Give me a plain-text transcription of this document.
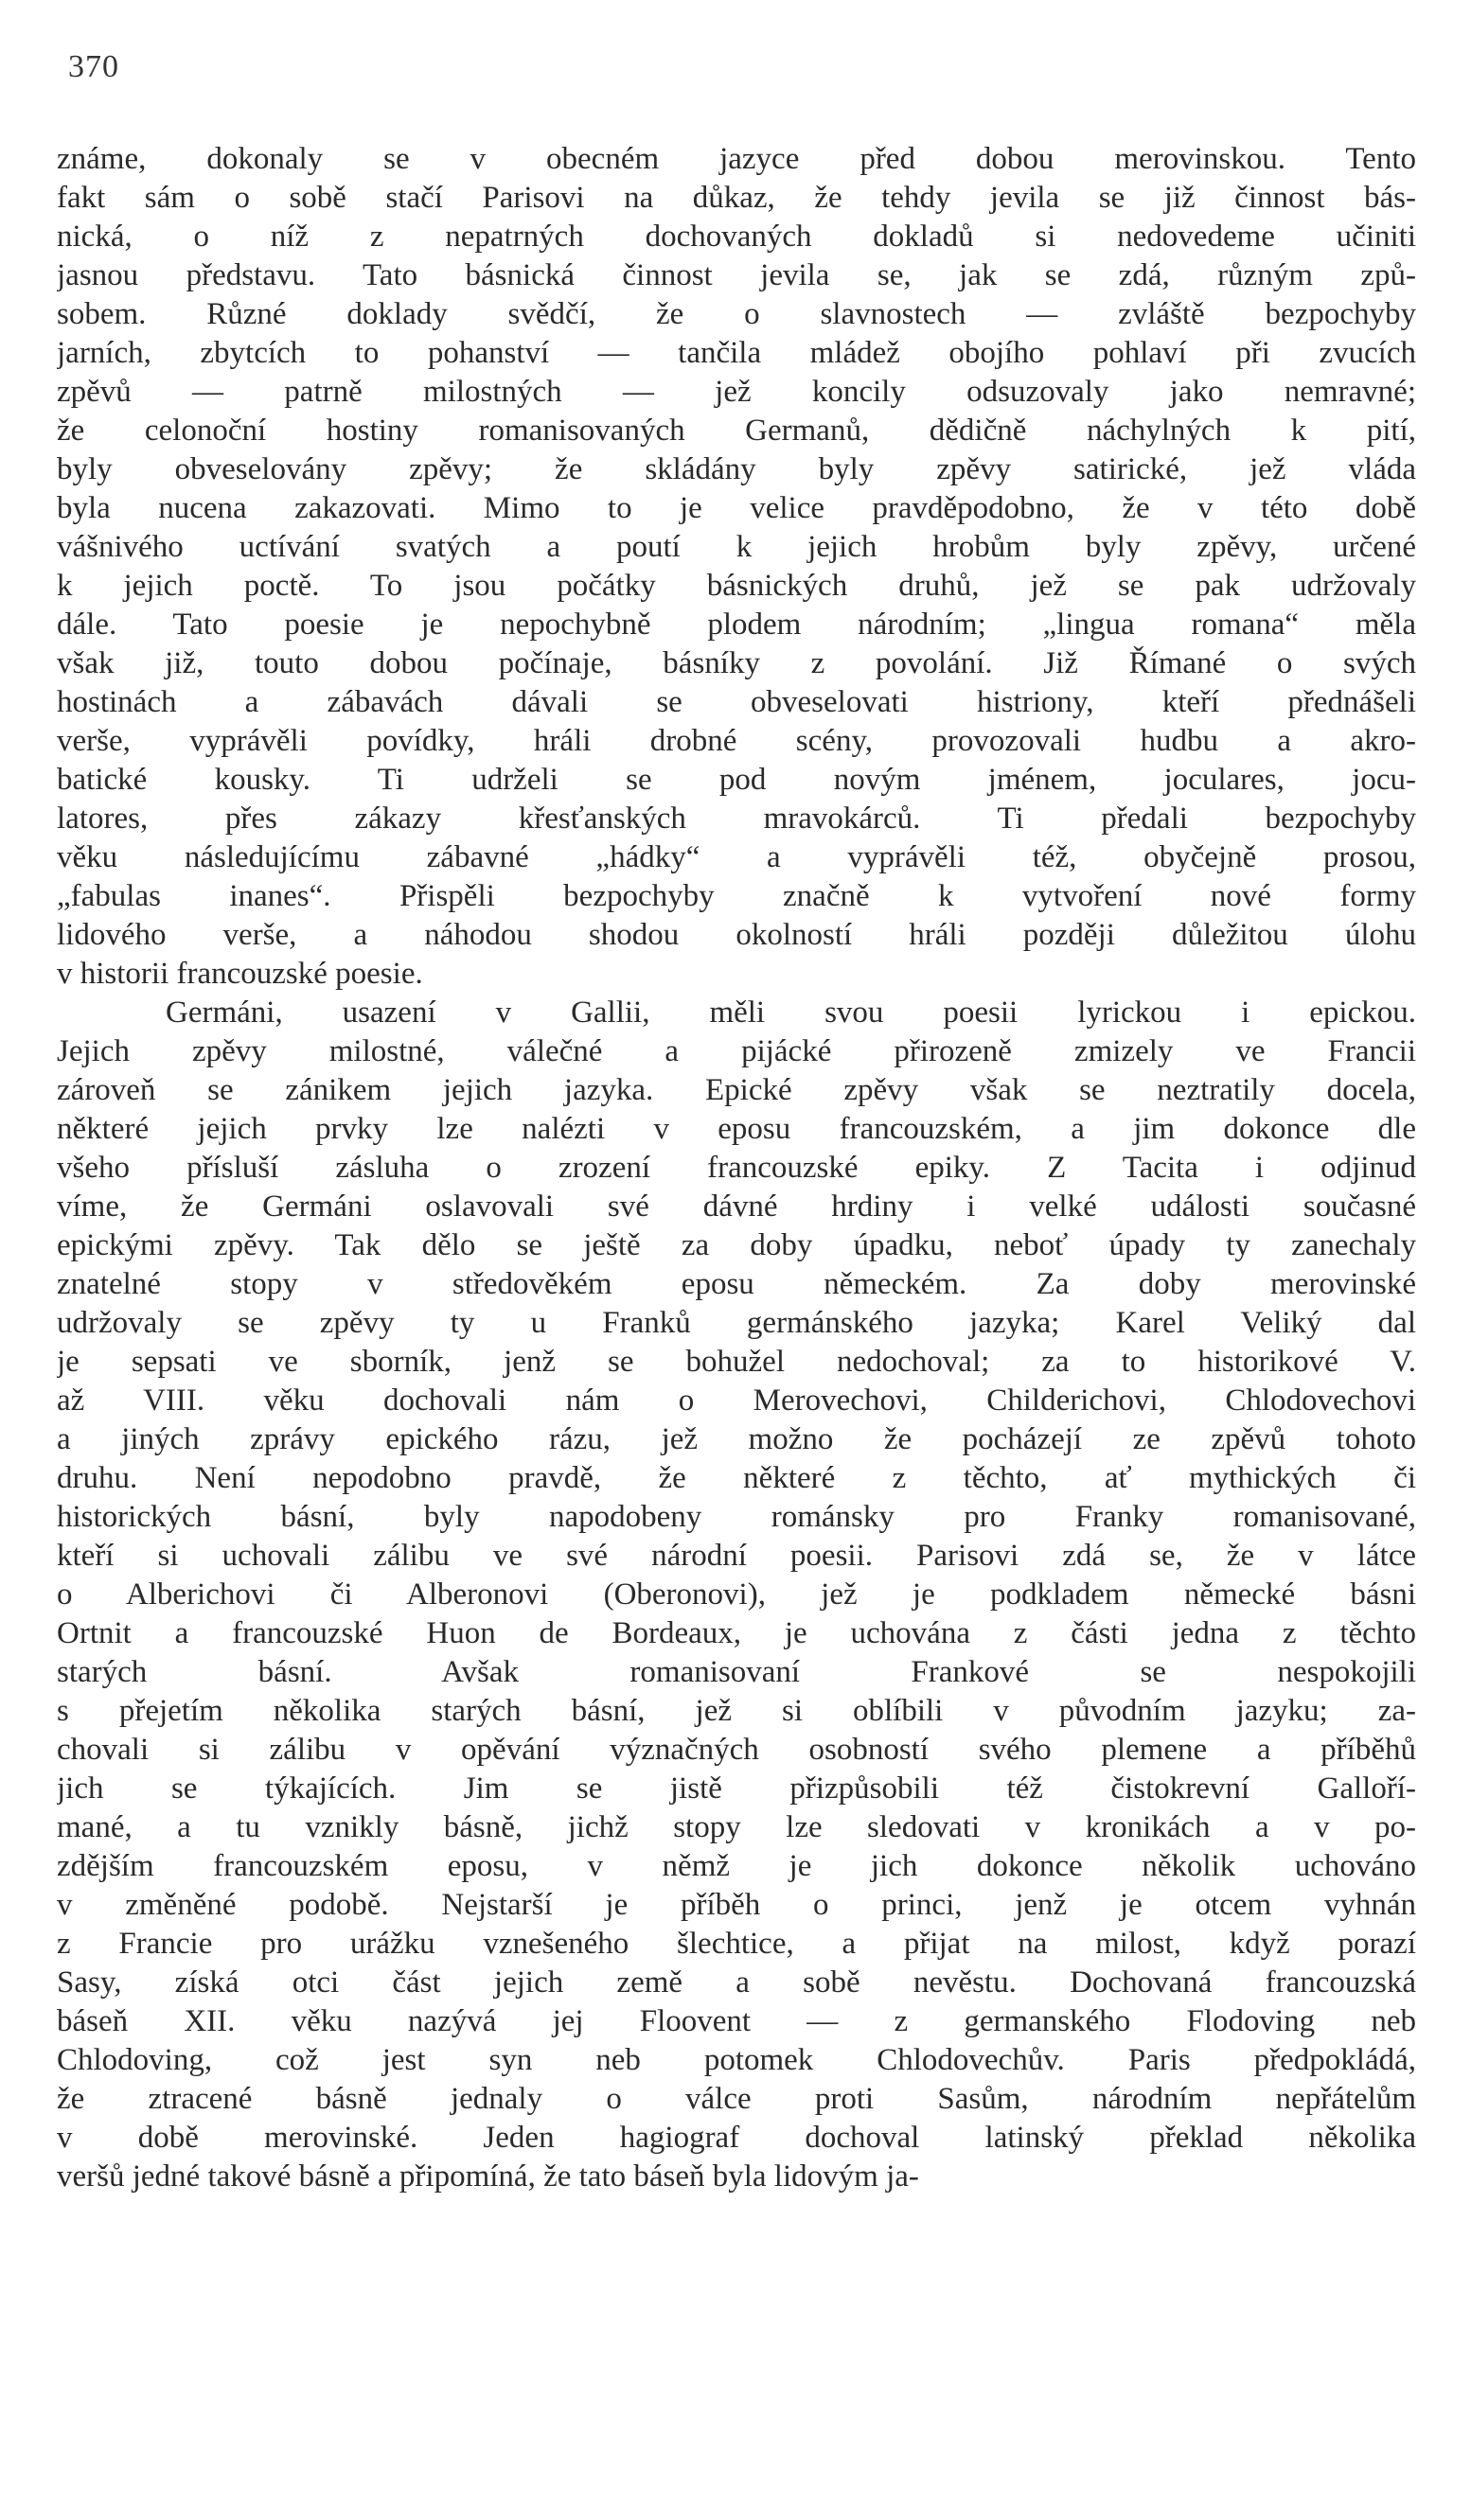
370
známe, dokonaly se v obecném jazyce před dobou merovinskou. Tento
fakt sám o sobě stačí Parisovi na důkaz, že tehdy jevila se již činnost bás-
nická, o níž z nepatrných dochovaných dokladů si nedovedeme učiniti
jasnou představu. Tato básnická činnost jevila se, jak se zdá, různým způ-
sobem. Různé doklady svědčí, že o slavnostech — zvláště bezpochyby
jarních, zbytcích to pohanství — tančila mládež obojího pohlaví při zvucích
zpěvů — patrně milostných — jež koncily odsuzovaly jako nemravné;
že celonoční hostiny romanisovaných Germanů, dědičně náchylných k pití,
byly obveselovány zpěvy; že skládány byly zpěvy satirické, jež vláda
byla nucena zakazovati. Mimo to je velice pravděpodobno, že v této době
vášnivého uctívání svatých a poutí k jejich hrobům byly zpěvy, určené
k jejich poctě. To jsou počátky básnických druhů, jež se pak udržovaly
dále. Tato poesie je nepochybně plodem národním; „lingua romana“ měla
však již, touto dobou počínaje, básníky z povolání. Již Římané o svých
hostinách a zábavách dávali se obveselovati histriony, kteří přednášeli
verše, vyprávěli povídky, hráli drobné scény, provozovali hudbu a akro-
batické kousky. Ti udrželi se pod novým jménem, joculares, jocu-
latores, přes zákazy křesťanských mravokárců. Ti předali bezpochyby
věku následujícímu zábavné „hádky“ a vyprávěli též, obyčejně prosou,
„fabulas inanes“. Přispěli bezpochyby značně k vytvoření nové formy
lidového verše, a náhodou shodou okolností hráli později důležitou úlohu
v historii francouzské poesie.
Germáni, usazení v Gallii, měli svou poesii lyrickou i epickou.
Jejich zpěvy milostné, válečné a pijácké přirozeně zmizely ve Francii
zároveň se zánikem jejich jazyka. Epické zpěvy však se neztratily docela,
některé jejich prvky lze nalézti v eposu francouzském, a jim dokonce dle
všeho přísluší zásluha o zrození francouzské epiky. Z Tacita i odjinud
víme, že Germáni oslavovali své dávné hrdiny i velké události současné
epickými zpěvy. Tak dělo se ještě za doby úpadku, neboť úpady ty zanechaly
znatelné stopy v středověkém eposu německém. Za doby merovinské
udržovaly se zpěvy ty u Franků germánského jazyka; Karel Veliký dal
je sepsati ve sborník, jenž se bohužel nedochoval; za to historikové V.
až VIII. věku dochovali nám o Merovechovi, Childerichovi, Chlodovechovi
a jiných zprávy epického rázu, jež možno že pocházejí ze zpěvů tohoto
druhu. Není nepodobno pravdě, že některé z těchto, ať mythických či
historických básní, byly napodobeny románsky pro Franky romanisované,
kteří si uchovali zálibu ve své národní poesii. Parisovi zdá se, že v látce
o Alberichovi či Alberonovi (Oberonovi), jež je podkladem německé básni
Ortnit a francouzské Huon de Bordeaux, je uchována z části jedna z těchto
starých básní. Avšak romanisovaní Frankové se nespokojili
s přejetím několika starých básní, jež si oblíbili v původním jazyku; za-
chovali si zálibu v opěvání význačných osobností svého plemene a příběhů
jich se týkajících. Jim se jistě přizpůsobili též čistokrevní Galloří-
mané, a tu vznikly básně, jichž stopy lze sledovati v kronikách a v po-
zdějším francouzském eposu, v němž je jich dokonce několik uchováno
v změněné podobě. Nejstarší je příběh o princi, jenž je otcem vyhnán
z Francie pro urážku vznešeného šlechtice, a přijat na milost, když porazí
Sasy, získá otci část jejich země a sobě nevěstu. Dochovaná francouzská
báseň XII. věku nazývá jej Floovent — z germanského Flodoving neb
Chlodoving, což jest syn neb potomek Chlodovechův. Paris předpokládá,
že ztracené básně jednaly o válce proti Sasům, národním nepřátelům
v době merovinské. Jeden hagiograf dochoval latinský překlad několika
veršů jedné takové básně a připomíná, že tato báseň byla lidovým ja-
